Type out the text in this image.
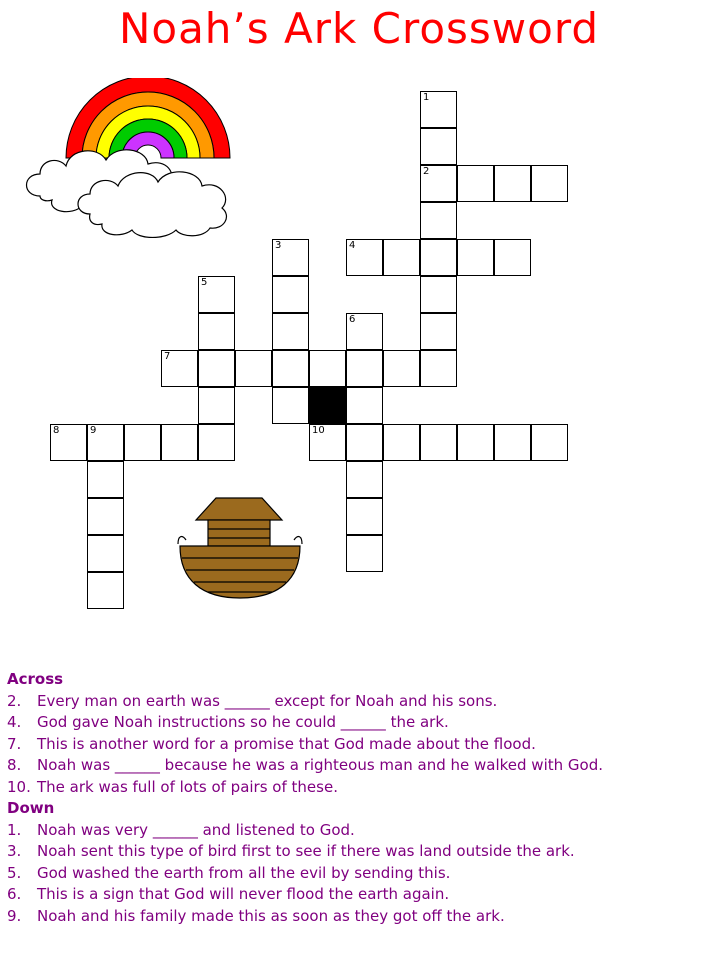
Noah’s Ark Crossword
1
2
4
3
5
6
7
8	9	10
Across
2. Every man on earth was ______ except for Noah and his sons.
4. God gave Noah instructions so he could ______ the ark.
7. This is another word for a promise that God made about the flood.
8. Noah was ______ because he was a righteous man and he walked with God.
10. The ark was full of lots of pairs of these.
Down
1. Noah was very ______ and listened to God.
3. Noah sent this type of bird first to see if there was land outside the ark.
5. God washed the earth from all the evil by sending this.
6. This is a sign that God will never flood the earth again.
9. Noah and his family made this as soon as they got off the ark.
